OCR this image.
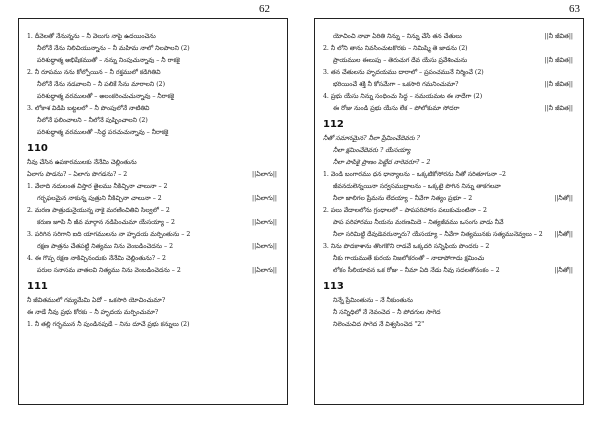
62
1. దీవెలతో నేనున్నను – నీ వెలుగు నాపై ఉదయించెను
నీలోనే నేను నిలిచియున్నాను – నీ మహిమ నాలో నిలపాలని (2)
పరిశుద్ధాత్మ అభిషేకముతో – నన్ను నింపుచున్నావు – నీ రాకకై
2. నీ రూపము నను కోల్పోయిన – నీ రక్తములో కడిగితివి
నీలోనే నేను నడవాలని – నీ పలికే సేను మారాలని (2)
పరిశుద్ధాత్మ వరములతో – అలంకరించుచున్నావు – నీరాకకై
3. లోకాశ విడిపి బట్టలలో – నీ పొంపులోనే నాటితివి
నీలోనే ఫలించాలని – నీలోనే పుష్పించాలని (2)
పరిశుద్ధాత్మ వరములతో –సిద్ధ పరచుచున్నావు – నీరాకకై
110
నీవు చేసిన ఉపకారములకు నేనేమి చెల్లింతును
ఏలాగు పాడను? – ఏలాగు పొగడను? – 2	||ఏలాగు||
1. వేలాది నదులంత విస్తార తైలము నీకిచ్చినా చాలునా – 2
గర్భఫలమైన నాకున్న పుత్రుని నీకిచ్చినా చాలునా – 2	||ఏలాగు||
2. మరణ పాత్రుడునైయున్న నాకై మరణించితివి సిల్వలో – 2
కరుణ జూపి నీ జీవ మార్గాన నడిపించుమా యేసయ్యా – 2	||ఏలాగు||
3. పరిగిన సరిగాని ఐది యాగములను నా హృదయ మర్పింతును – 2
రక్షణ పాత్రను చేతపట్టి నిత్యము నిను వెంబడించెదను – 2	||ఏలాగు||
4. ఈ గొప్ప రక్షణ నాకిచ్చినందుకు నేనేమి చెల్లింతును? – 2
పరుల సనాసమ వాతలవి నిత్యము నిను వెంబడించెదను – 2	||ఏలాగు||
111
నీ జీవితములో గమ్యమేమి ఏదో – ఒకసారి యోచించుమా?
ఈ నాడే నీవు ప్రభు కోరకు – నీ హృదయ మర్పించుమా?
1. నీ తల్లి గర్భమున నీ పుండినపుడే – నిను దూచే ప్రభు కన్నులు (2)
63
యోచించి నావా ఏరితి నిన్ను – నిన్ను చేసే తన చేతులు	||నీ జీవిత||
2. నీ లోని తాను నివసించుటకొరకు – నిమిష్మి తె జాడను (2)
ప్రాయముల ఈలుపు – తెరుచుగ దేవ యేసు ప్రవేశించును	||నీ జీవిత||
3. తన చేతులను హృదయము దారాలో – ప్రపంచమునే నిర్మించే (2)
భరియించే శక్తి నీ కోసమేగా – ఒకసారి గమనించుమా?	||నీ జీవిత||
4. ప్రభు యేసు నిన్ను సంధించు సిద్ధ – నమయమట ఈ నాదేగా (2)
ఈ రోజు నుండి ప్రభు యేసు లేక – పోలోకుమా సోదరా	||నీ జీవిత||
112
నీతో సమానమైన? నీలా ప్రేమించేదెవరు ?
నీలా క్షమించేదెవరు ? యేసయ్యా
నీలా పాపికై ప్రాణం పెట్టేద నారెవరూ? – 2
1. వెండి బంగారము ధన ధాన్యాలను – ఒక్కటికోసోరను నీతో సరితూగునా –2
జీవనదులెన్నయినా సర్వసముద్రాలను – ఒక్కటై పొగిన నిన్ను తాకగలవా
నీలా జాలిగల ప్రేమను లేదయ్యా – నీవేగా నిత్యం ప్రభూ – 2	||నీతో||
2. పలు వేదాలలోను గ్రంధాలలో – పాపపరిహారం పలుకుచుంటినా – 2
పాప పరిహారము నీయను మరణమిదె – నిత్యజీవము ఒసంగు వాడు నీవే
నీలా సరిమిట్టి దేవుడెవరున్నారు? యేసయ్యా – నీవేగా నిత్యమునకు సత్యమునెవ్వలు – 2 ||నీతో||
3. నిను పొదకాశాను తొంగకొని రాడవే ఒక్కదరి సన్నిఫియ పొందరు – 2
నీకు గాయముతే కురయ నిజలోకరంతో – నాదాపోగాదు క్షమించు
లోకం సీలియావన ఒక రోజు – నీమా ఏది నేడు నీవు సదలతోనంకం – 2	||నీతో||
113
నిన్నే ప్రేమింతును – నే నీకుంతును
నీ సన్నిధిలో నే నెవంచెద – నీ పోదగుల సాగెద
నిలెంచుచిద సాగెద నే విశ్వసించెద "2"
